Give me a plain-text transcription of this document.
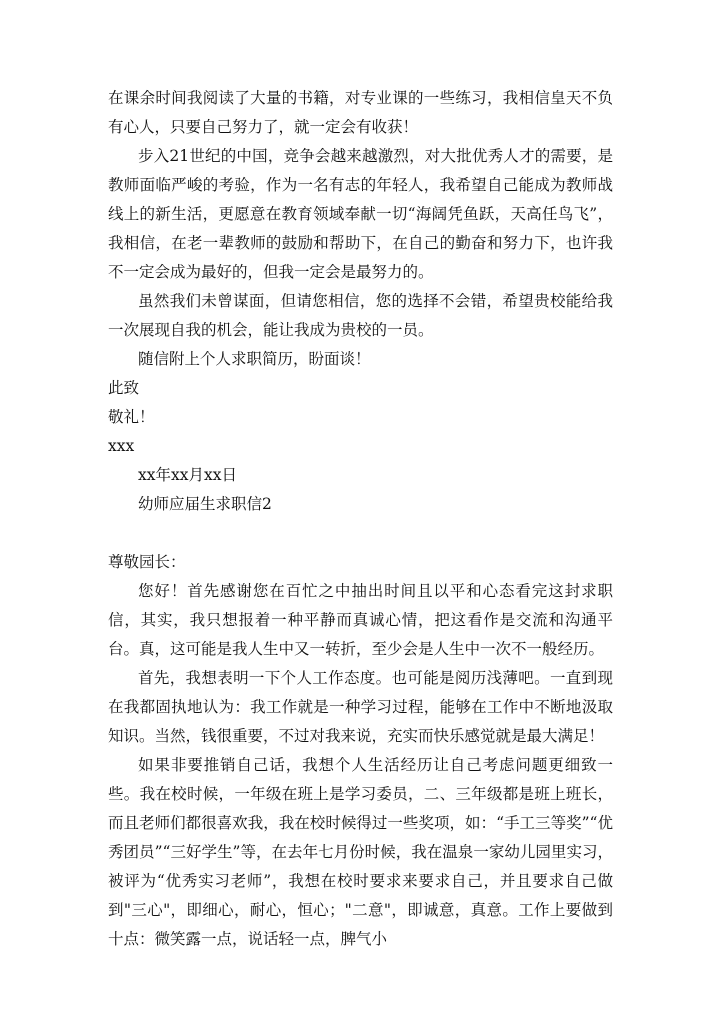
在课余时间我阅读了大量的书籍，对专业课的一些练习，我相信皇天不负有心人，只要自己努力了，就一定会有收获！

步入21世纪的中国，竞争会越来越激烈，对大批优秀人才的需要，是教师面临严峻的考验，作为一名有志的年轻人，我希望自己能成为教师战线上的新生活，更愿意在教育领域奉献一切“海阔凭鱼跃，天高任鸟飞”，我相信，在老一辈教师的鼓励和帮助下，在自己的勤奋和努力下，也许我不一定会成为最好的，但我一定会是最努力的。

虽然我们未曾谋面，但请您相信，您的选择不会错，希望贵校能给我一次展现自我的机会，能让我成为贵校的一员。

随信附上个人求职简历，盼面谈！

此致

敬礼！

xxx

xx年xx月xx日

幼师应届生求职信2

尊敬园长：

您好！首先感谢您在百忙之中抽出时间且以平和心态看完这封求职信，其实，我只想报着一种平静而真诚心情，把这看作是交流和沟通平台。真，这可能是我人生中又一转折，至少会是人生中一次不一般经历。

首先，我想表明一下个人工作态度。也可能是阅历浅薄吧。一直到现在我都固执地认为：我工作就是一种学习过程，能够在工作中不断地汲取知识。当然，钱很重要，不过对我来说，充实而快乐感觉就是最大满足！

如果非要推销自己话，我想个人生活经历让自己考虑问题更细致一些。我在校时候，一年级在班上是学习委员，二、三年级都是班上班长，而且老师们都很喜欢我，我在校时候得过一些奖项，如：“手工三等奖”“优秀团员”“三好学生”等，在去年七月份时候，我在温泉一家幼儿园里实习，被评为“优秀实习老师”，我想在校时要求来要求自己，并且要求自己做到"三心"，即细心，耐心，恒心；"二意"，即诚意，真意。工作上要做到十点：微笑露一点，说话轻一点，脾气小
